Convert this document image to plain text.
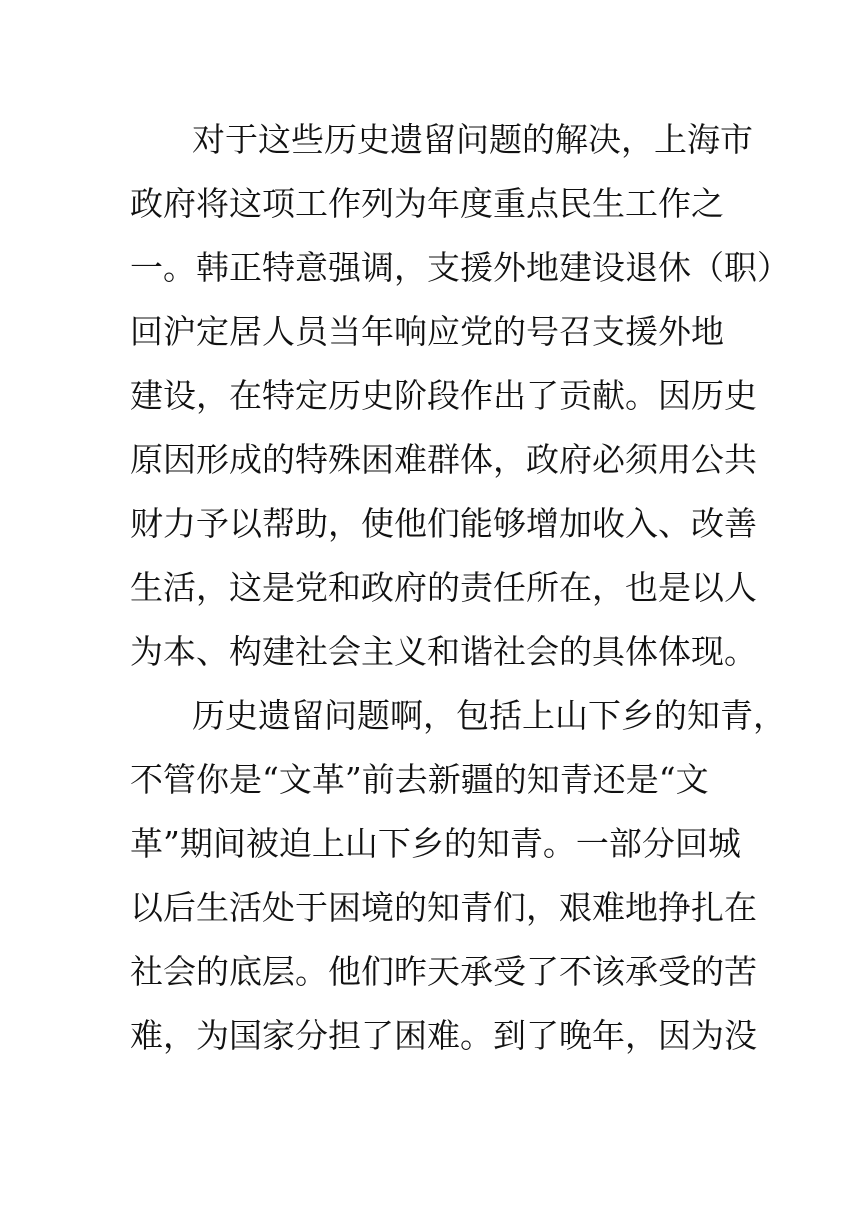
对于这些历史遗留问题的解决，上海市
政府将这项工作列为年度重点民生工作之
一。韩正特意强调，支援外地建设退休（职）
回沪定居人员当年响应党的号召支援外地
建设，在特定历史阶段作出了贡献。因历史
原因形成的特殊困难群体，政府必须用公共
财力予以帮助，使他们能够增加收入、改善
生活，这是党和政府的责任所在，也是以人
为本、构建社会主义和谐社会的具体体现。
历史遗留问题啊，包括上山下乡的知青，
不管你是“文革”前去新疆的知青还是“文
革”期间被迫上山下乡的知青。一部分回城
以后生活处于困境的知青们，艰难地挣扎在
社会的底层。他们昨天承受了不该承受的苦
难，为国家分担了困难。到了晚年，因为没
